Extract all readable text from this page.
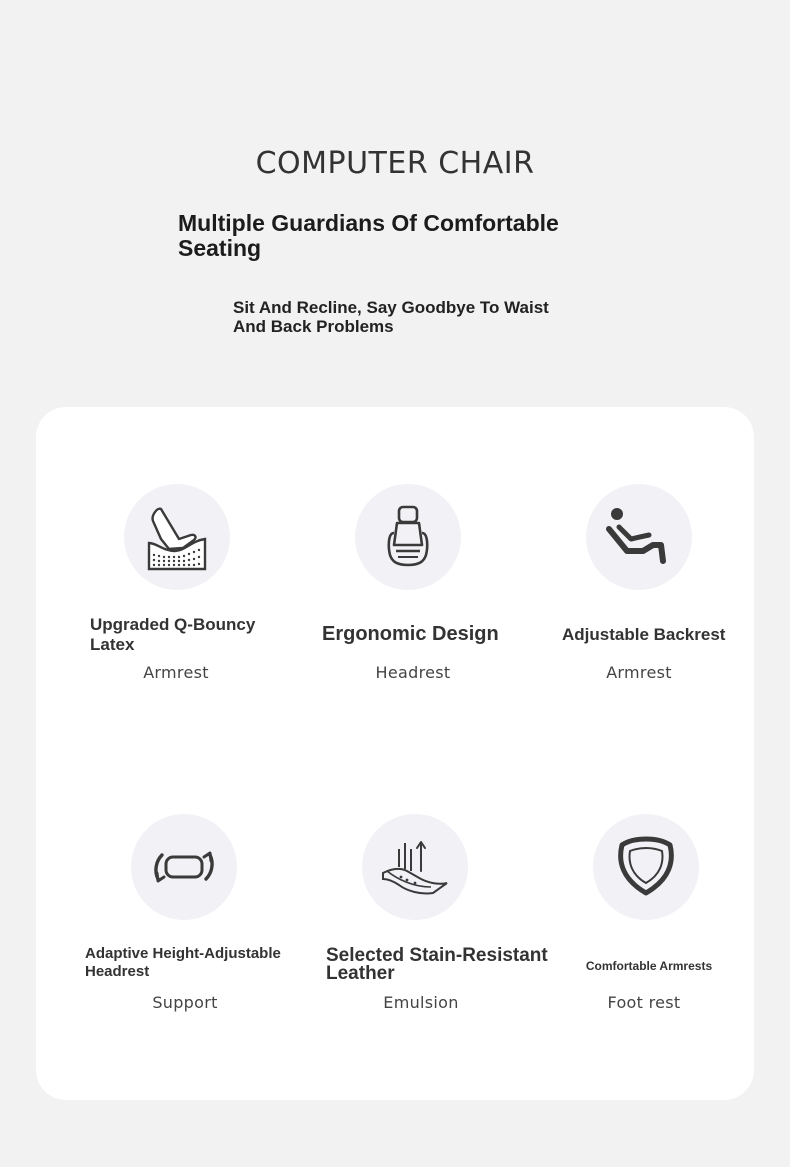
COMPUTER CHAIR
Multiple Guardians Of Comfortable Seating

Sit And Recline, Say Goodbye To Waist And Back Problems

Upgraded Q-Bouncy Latex
Armrest
Ergonomic Design
Headrest
Adjustable Backrest
Armrest
Adaptive Height-Adjustable Headrest
Support
Selected Stain-Resistant Leather
Emulsion
Comfortable Armrests
Foot rest
